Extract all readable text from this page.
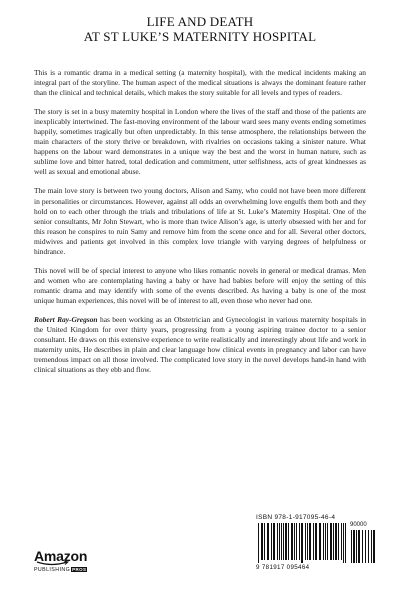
LIFE AND DEATH
AT ST LUKE’S MATERNITY HOSPITAL

This is a romantic drama in a medical setting (a maternity hospital), with the medical incidents making an integral part of the storyline. The human aspect of the medical situations is always the dominant feature rather than the clinical and technical details, which makes the story suitable for all levels and types of readers.

The story is set in a busy maternity hospital in London where the lives of the staff and those of the patients are inexplicably intertwined. The fast-moving environment of the labour ward sees many events ending sometimes happily, sometimes tragically but often unpredictably. In this tense atmosphere, the relationships between the main characters of the story thrive or breakdown, with rivalries on occasions taking a sinister nature. What happens on the labour ward demonstrates in a unique way the best and the worst in human nature, such as sublime love and bitter hatred, total dedication and commitment, utter selfishness, acts of great kindnesses as well as sexual and emotional abuse.

The main love story is between two young doctors, Alison and Samy, who could not have been more different in personalities or circumstances. However, against all odds an overwhelming love engulfs them both and they hold on to each other through the trials and tribulations of life at St. Luke’s Maternity Hospital. One of the senior consultants, Mr John Stewart, who is more than twice Alison’s age, is utterly obsessed with her and for this reason he conspires to ruin Samy and remove him from the scene once and for all. Several other doctors, midwives and patients get involved in this complex love triangle with varying degrees of helpfulness or hindrance.

This novel will be of special interest to anyone who likes romantic novels in general or medical dramas. Men and women who are contemplating having a baby or have had babies before will enjoy the setting of this romantic drama and may identify with some of the events described. As having a baby is one of the most unique human experiences, this novel will be of interest to all, even those who never had one.

Robert Ray-Gregson has been working as an Obstetrician and Gynecologist in various maternity hospitals in the United Kingdom for over thirty years, progressing from a young aspiring trainee doctor to a senior consultant. He draws on this extensive experience to write realistically and interestingly about life and work in maternity units, He describes in plain and clear language how clinical events in pregnancy and labor can have tremendous impact on all those involved. The complicated love story in the novel develops hand-in hand with clinical situations as they ebb and flow.

ISBN 978-1-917095-46-4
90000
9 781917 095464
Amazon
PUBLISHING PROS
